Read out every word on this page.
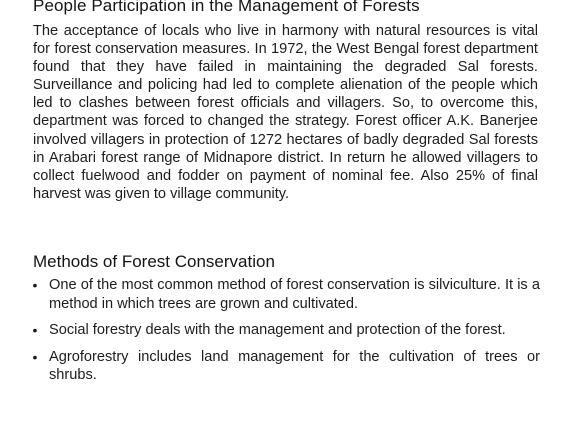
People Participation in the Management of Forests

The acceptance of locals who live in harmony with natural resources is vital for forest conservation measures. In 1972, the West Bengal forest department found that they have failed in maintaining the degraded Sal forests. Surveillance and policing had led to complete alienation of the people which led to clashes between forest officials and villagers. So, to overcome this, department was forced to changed the strategy. Forest officer A.K. Banerjee involved villagers in protection of 1272 hectares of badly degraded Sal forests in Arabari forest range of Midnapore district. In return he allowed villagers to collect fuelwood and fodder on payment of nominal fee. Also 25% of final harvest was given to village community.

Methods of Forest Conservation
• One of the most common method of forest conservation is silviculture. It is a method in which trees are grown and cultivated.
• Social forestry deals with the management and protection of the forest.
• Agroforestry includes land management for the cultivation of trees or shrubs.
